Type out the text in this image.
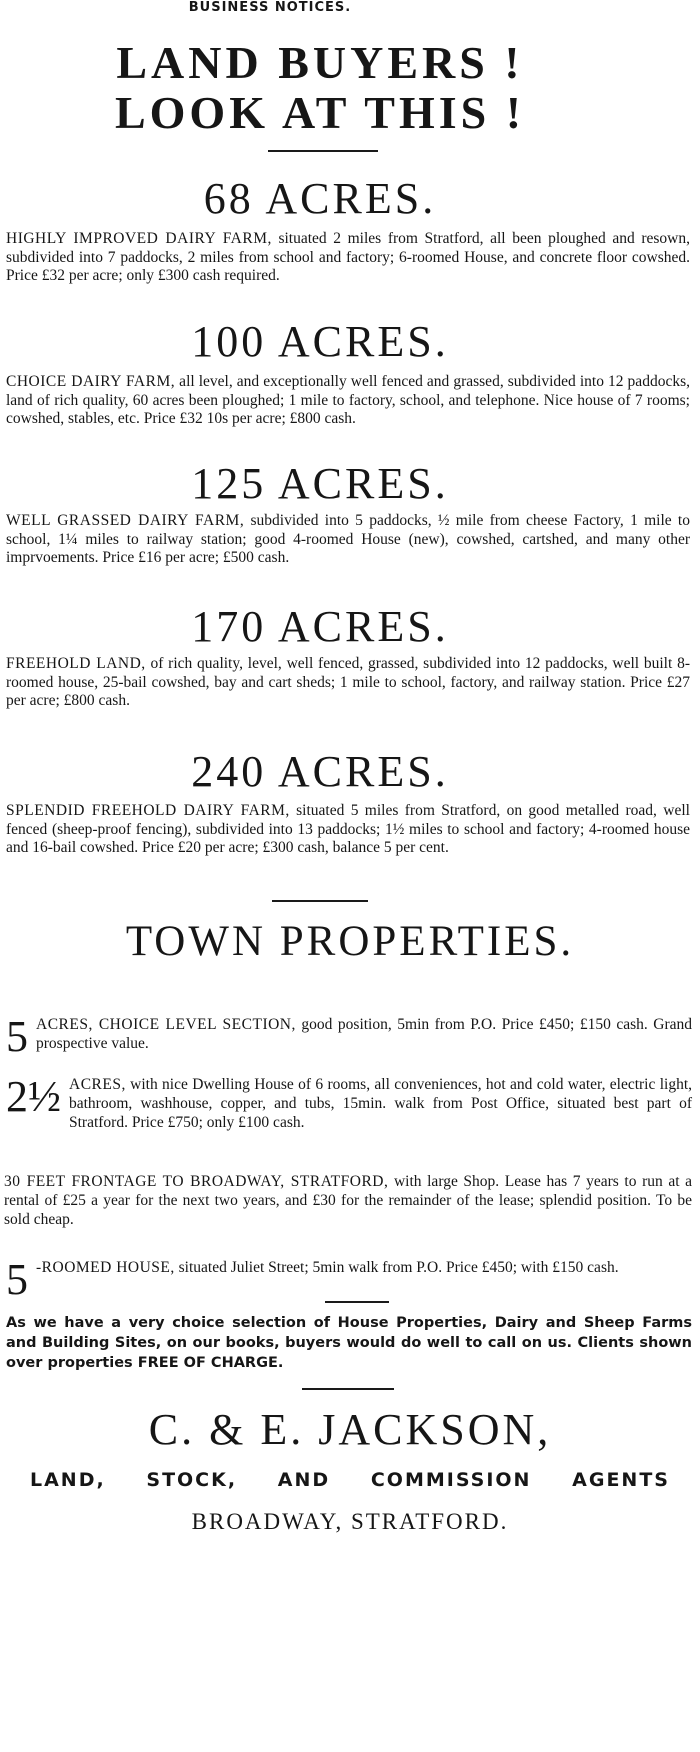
BUSINESS NOTICES.
LAND BUYERS !
LOOK AT THIS !
68 ACRES.
HIGHLY IMPROVED DAIRY FARM, situated 2 miles from Stratford, all been ploughed and resown, subdivided into 7 paddocks, 2 miles from school and factory; 6-roomed House, and concrete floor cowshed. Price £32 per acre; only £300 cash required.
100 ACRES.
CHOICE DAIRY FARM, all level, and exceptionally well fenced and grassed, subdivided into 12 paddocks, land of rich quality, 60 acres been ploughed; 1 mile to factory, school, and telephone. Nice house of 7 rooms; cowshed, stables, etc. Price £32 10s per acre; £800 cash.
125 ACRES.
WELL GRASSED DAIRY FARM, subdivided into 5 paddocks, ½ mile from cheese Factory, 1 mile to school, 1¼ miles to railway station; good 4-roomed House (new), cowshed, cartshed, and many other imprvoements. Price £16 per acre; £500 cash.
170 ACRES.
FREEHOLD LAND, of rich quality, level, well fenced, grassed, subdivided into 12 paddocks, well built 8-roomed house, 25-bail cowshed, bay and cart sheds; 1 mile to school, factory, and railway station. Price £27 per acre; £800 cash.
240 ACRES.
SPLENDID FREEHOLD DAIRY FARM, situated 5 miles from Stratford, on good metalled road, well fenced (sheep-proof fencing), subdivided into 13 paddocks; 1½ miles to school and factory; 4-roomed house and 16-bail cowshed. Price £20 per acre; £300 cash, balance 5 per cent.
TOWN PROPERTIES.
5 ACRES, CHOICE LEVEL SECTION, good position, 5min from P.O. Price £450; £150 cash. Grand prospective value.
2½ ACRES, with nice Dwelling House of 6 rooms, all conveniences, hot and cold water, electric light, bathroom, washhouse, copper, and tubs, 15min. walk from Post Office, situated best part of Stratford. Price £750; only £100 cash.
30 FEET FRONTAGE TO BROADWAY, STRATFORD, with large Shop. Lease has 7 years to run at a rental of £25 a year for the next two years, and £30 for the remainder of the lease; splendid position. To be sold cheap.
5 -ROOMED HOUSE, situated Juliet Street; 5min walk from P.O. Price £450; with £150 cash.
As we have a very choice selection of House Properties, Dairy and Sheep Farms and Building Sites, on our books, buyers would do well to call on us. Clients shown over properties FREE OF CHARGE.
C. & E. JACKSON,
LAND, STOCK, AND COMMISSION AGENTS
BROADWAY, STRATFORD.
